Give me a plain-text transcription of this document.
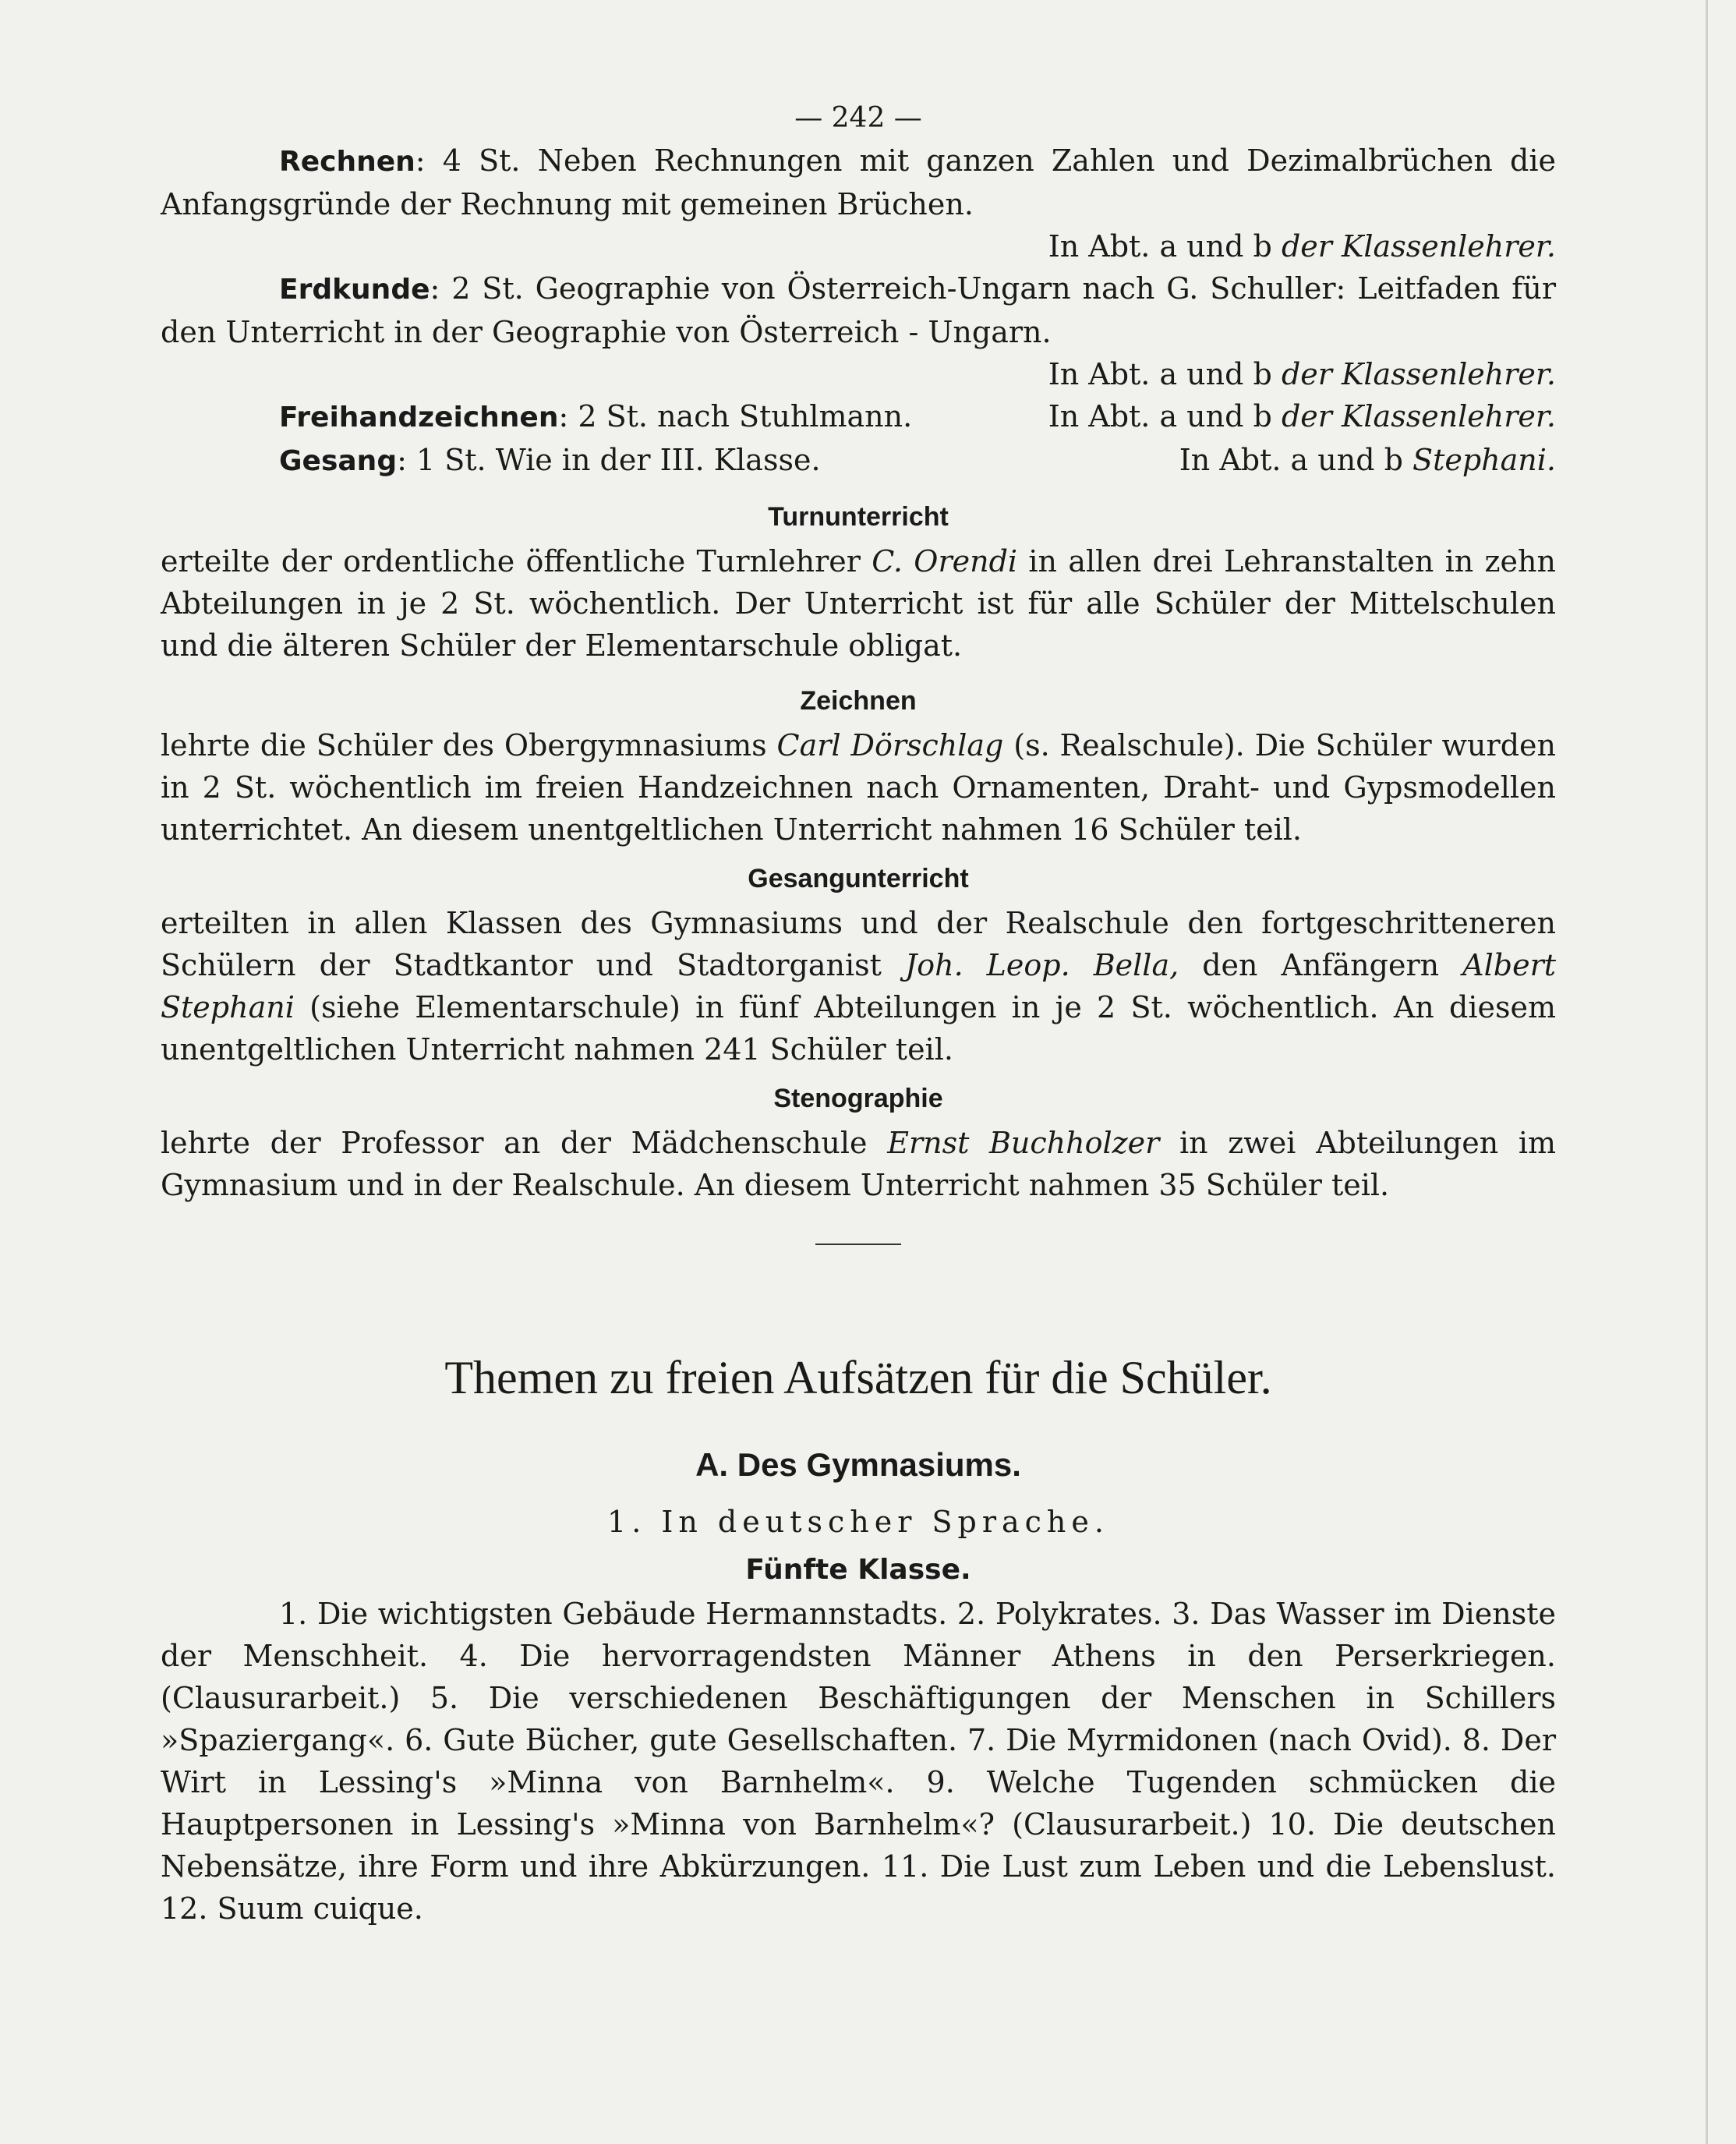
— 242 —

Rechnen: 4 St. Neben Rechnungen mit ganzen Zahlen und Dezimalbrüchen die Anfangsgründe der Rechnung mit gemeinen Brüchen.

In Abt. a und b der Klassenlehrer.

Erdkunde: 2 St. Geographie von Österreich-Ungarn nach G. Schuller: Leitfaden für den Unterricht in der Geographie von Österreich - Ungarn.

In Abt. a und b der Klassenlehrer.

Freihandzeichnen: 2 St. nach Stuhlmann.	In Abt. a und b der Klassenlehrer.

Gesang: 1 St. Wie in der III. Klasse.	In Abt. a und b Stephani.

Turnunterricht

erteilte der ordentliche öffentliche Turnlehrer C. Orendi in allen drei Lehranstalten in zehn Abteilungen in je 2 St. wöchentlich. Der Unterricht ist für alle Schüler der Mittelschulen und die älteren Schüler der Elementarschule obligat.

Zeichnen

lehrte die Schüler des Obergymnasiums Carl Dörschlag (s. Realschule). Die Schüler wurden in 2 St. wöchentlich im freien Handzeichnen nach Ornamenten, Draht- und Gypsmodellen unterrichtet. An diesem unentgeltlichen Unterricht nahmen 16 Schüler teil.

Gesangunterricht

erteilten in allen Klassen des Gymnasiums und der Realschule den fortgeschritteneren Schülern der Stadtkantor und Stadtorganist Joh. Leop. Bella, den Anfängern Albert Stephani (siehe Elementarschule) in fünf Abteilungen in je 2 St. wöchentlich. An diesem unentgeltlichen Unterricht nahmen 241 Schüler teil.

Stenographie

lehrte der Professor an der Mädchenschule Ernst Buchholzer in zwei Abteilungen im Gymnasium und in der Realschule. An diesem Unterricht nahmen 35 Schüler teil.

Themen zu freien Aufsätzen für die Schüler.

A. Des Gymnasiums.

1. In deutscher Sprache.

Fünfte Klasse.

1. Die wichtigsten Gebäude Hermannstadts. 2. Polykrates. 3. Das Wasser im Dienste der Menschheit. 4. Die hervorragendsten Männer Athens in den Perserkriegen. (Clausurarbeit.) 5. Die verschiedenen Beschäftigungen der Menschen in Schillers »Spaziergang«. 6. Gute Bücher, gute Gesellschaften. 7. Die Myrmidonen (nach Ovid). 8. Der Wirt in Lessing's »Minna von Barnhelm«. 9. Welche Tugenden schmücken die Hauptpersonen in Lessing's »Minna von Barnhelm«? (Clausurarbeit.) 10. Die deutschen Nebensätze, ihre Form und ihre Abkürzungen. 11. Die Lust zum Leben und die Lebenslust. 12. Suum cuique.
